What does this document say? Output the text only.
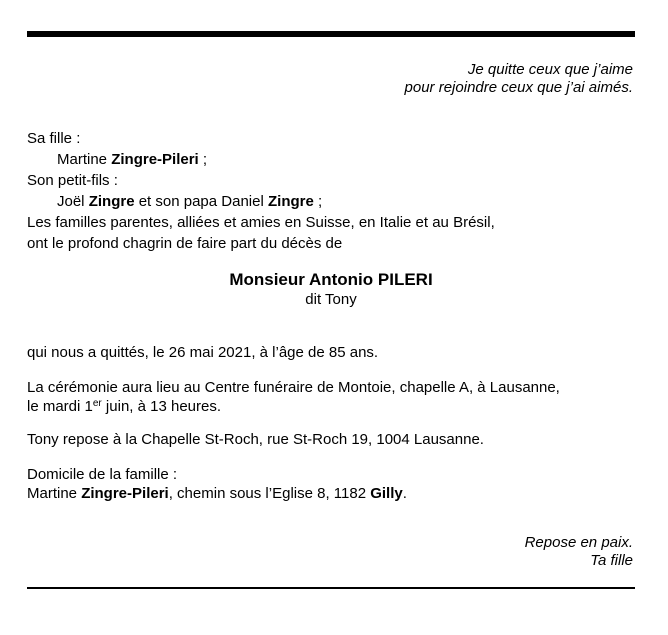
Je quitte ceux que j’aime
pour rejoindre ceux que j’ai aimés.
Sa fille :
Martine Zingre-Pileri ;
Son petit-fils :
Joël Zingre et son papa Daniel Zingre ;
Les familles parentes, alliées et amies en Suisse, en Italie et au Brésil,
ont le profond chagrin de faire part du décès de
Monsieur Antonio PILERI
dit Tony
qui nous a quittés, le 26 mai 2021, à l’âge de 85 ans.
La cérémonie aura lieu au Centre funéraire de Montoie, chapelle A, à Lausanne,
le mardi 1er juin, à 13 heures.
Tony repose à la Chapelle St-Roch, rue St-Roch 19, 1004 Lausanne.
Domicile de la famille :
Martine Zingre-Pileri, chemin sous l’Eglise 8, 1182 Gilly.
Repose en paix.
Ta fille
